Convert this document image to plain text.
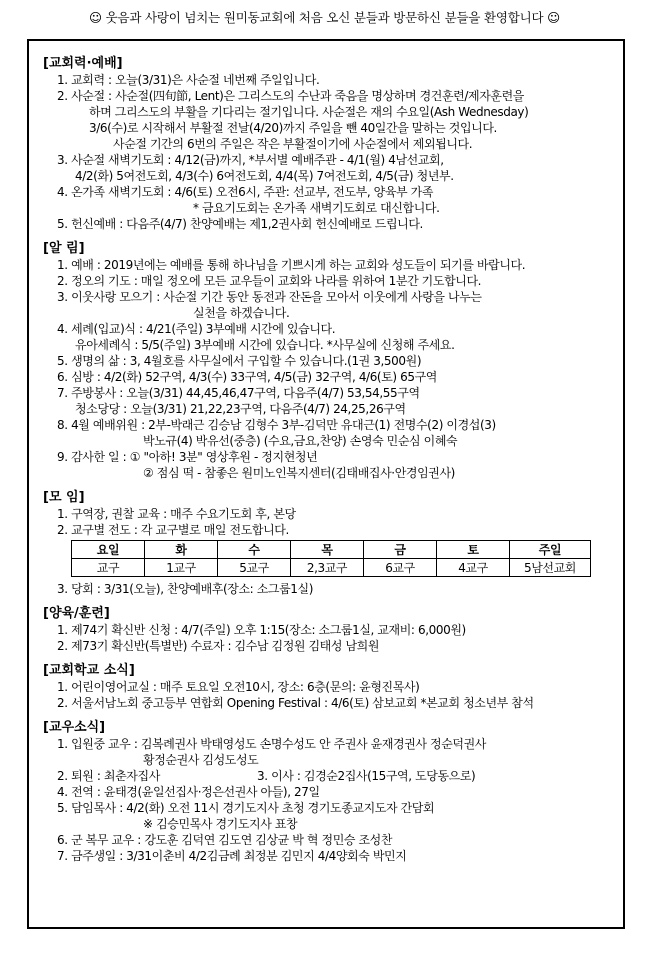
☺ 웃음과 사랑이 넘치는 원미동교회에 처음 오신 분들과 방문하신 분들을 환영합니다 ☺
[교회력·예배]
1. 교회력 : 오늘(3/31)은 사순절 네번째 주일입니다.
2. 사순절 : 사순절(四旬節, Lent)은 그리스도의 수난과 죽음을 명상하며 경건훈련/제자훈련을
하며 그리스도의 부활을 기다리는 절기입니다. 사순절은 재의 수요일(Ash Wednesday)
3/6(수)로 시작해서 부활절 전날(4/20)까지 주일을 뺀 40일간을 말하는 것입니다.
사순절 기간의 6번의 주일은 작은 부활절이기에 사순절에서 제외됩니다.
3. 사순절 새벽기도회 : 4/12(금)까지, *부서별 예배주관 - 4/1(월) 4남선교회,
4/2(화) 5여전도회, 4/3(수) 6여전도회, 4/4(목) 7여전도회, 4/5(금) 청년부.
4. 온가족 새벽기도회 : 4/6(토) 오전6시, 주관: 선교부, 전도부, 양육부 가족
* 금요기도회는 온가족 새벽기도회로 대신합니다.
5. 헌신예배 : 다음주(4/7) 찬양예배는 제1,2권사회 헌신예배로 드립니다.
[알 림]
1. 예배 : 2019년에는 예배를 통해 하나님을 기쁘시게 하는 교회와 성도들이 되기를 바랍니다.
2. 정오의 기도 : 매일 정오에 모든 교우들이 교회와 나라를 위하여 1분간 기도합니다.
3. 이웃사랑 모으기 : 사순절 기간 동안 동전과 잔돈을 모아서 이웃에게 사랑을 나누는
실천을 하겠습니다.
4. 세례(입교)식 : 4/21(주일) 3부예배 시간에 있습니다.
유아세례식 : 5/5(주일) 3부예배 시간에 있습니다. *사무실에 신청해 주세요.
5. 생명의 삶 : 3, 4월호를 사무실에서 구입할 수 있습니다.(1권 3,500원)
6. 심방 : 4/2(화) 52구역, 4/3(수) 33구역, 4/5(금) 32구역, 4/6(토) 65구역
7. 주방봉사 : 오늘(3/31) 44,45,46,47구역, 다음주(4/7) 53,54,55구역
청소당당 : 오늘(3/31) 21,22,23구역, 다음주(4/7) 24,25,26구역
8. 4월 예배위원 : 2부-박래근 김승남 김형수 3부-김덕만 유대근(1) 전명수(2) 이경섭(3)
박노규(4) 박유선(중층) (수요,금요,찬양) 손영숙 민순심 이혜숙
9. 감사한 일 : ① "아하! 3분" 영상후원 - 정지현청년
② 점심 떡 - 참좋은 원미노인복지센터(김태배집사·안경임권사)
[모 임]
1. 구역장, 권찰 교육 : 매주 수요기도회 후, 본당
2. 교구별 전도 : 각 교구별로 매일 전도합니다.
요일	화	수	목	금	토	주일
교구	1교구	5교구	2,3교구	6교구	4교구	5남선교회
3. 당회 : 3/31(오늘), 찬양예배후(장소: 소그룹1실)
[양육/훈련]
1. 제74기 확신반 신청 : 4/7(주일) 오후 1:15(장소: 소그룹1실, 교재비: 6,000원)
2. 제73기 확신반(특별반) 수료자 : 김수남 김정원 김태성 남희원
[교회학교 소식]
1. 어린이영어교실 : 매주 토요일 오전10시, 장소: 6층(문의: 윤형진목사)
2. 서울서남노회 중고등부 연합회 Opening Festival : 4/6(토) 삼보교회 *본교회 청소년부 참석
[교우소식]
1. 입원중 교우 : 김복례권사 박태영성도 손명수성도 안 주권사 윤재경권사 정순덕권사
황정순권사 김성도성도
2. 퇴원 : 최춘자집사	3. 이사 : 김경순2집사(15구역, 도당동으로)
4. 전역 : 윤태경(윤일선집사·정은선권사 아들), 27일
5. 담임목사 : 4/2(화) 오전 11시 경기도지사 초청 경기도종교지도자 간담회
※ 김승민목사 경기도지사 표창
6. 군 복무 교우 : 강도훈 김덕연 김도연 김상균 박 혁 정민승 조성찬
7. 금주생일 : 3/31이춘비 4/2김금례 최정분 김민지 4/4양회숙 박민지
